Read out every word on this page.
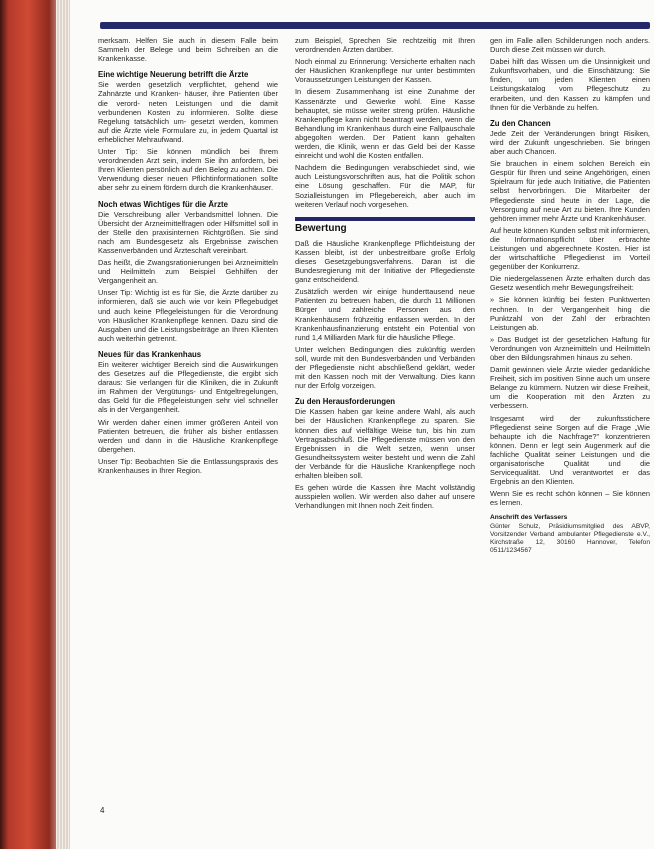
merksam. Helfen Sie auch in diesem Falle beim Sammeln der Belege und beim Schreiben an die Krankenkasse.

Eine wichtige Neuerung betrifft die Ärzte

Sie werden gesetzlich verpflichtet, gehend wie Zahnärzte und Kranken- häuser, ihre Patienten über die verord- neten Leistungen und die damit verbundenen Kosten zu informieren. Sollte diese Regelung tatsächlich um- gesetzt werden, kommen auf die Ärzte viele Formulare zu, in jedem Quartal ist erheblicher Mehraufwand.

Unter Tip: Sie können mündlich bei Ihrem verordnenden Arzt sein, indem Sie ihn anfordern, bei Ihren Klienten persönlich auf den Beleg zu achten. Die Verwendung dieser neuen Pflichtinformationen sollte aber sehr zu einem fördern durch die Krankenhäuser.

Noch etwas Wichtiges für die Ärzte

Die Verschreibung aller Verbandsmittel lohnen. Die Übersicht der Arzneimittelfragen oder Hilfsmittel soll in der Stelle den praxisinternen Richtgrößen. Sie sind nach am Bundesgesetz als Ergebnisse zwischen Kassenverbänden und Ärzteschaft vereinbart.

Das heißt, die Zwangsrationierungen bei Arzneimitteln und Heilmitteln zum Beispiel Gehhilfen der Vergangenheit an.

Unser Tip: Wichtig ist es für Sie, die Ärzte darüber zu informieren, daß sie auch wie vor kein Pflegebudget und auch keine Pflegeleistungen für die Verordnung von Häuslicher Krankenpflege kennen. Dazu sind die Ausgaben und die Leistungsbeiträge an Ihren Klienten auch weiterhin getrennt.

Neues für das Krankenhaus

Ein weiterer wichtiger Bereich sind die Auswirkungen des Gesetzes auf die Pflegedienste, die ergibt sich daraus: Sie verlangen für die Kliniken, die in Zukunft im Rahmen der Vergütungs- und Entgeltregelungen, das Geld für die Pflegeleistungen sehr viel schneller als in der Vergangenheit.

Wir werden daher einen immer größeren Anteil von Patienten betreuen, die früher als bisher entlassen werden und dann in die Häusliche Krankenpflege übergehen.

Unser Tip: Beobachten Sie die Entlassungspraxis des Krankenhauses in Ihrer Region.

zum Beispiel, Sprechen Sie rechtzeitig mit Ihren verordnenden Ärzten darüber.

Noch einmal zu Erinnerung: Versicherte erhalten nach der Häuslichen Krankenpflege nur unter bestimmten Voraussetzungen Leistungen der Kassen.

In diesem Zusammenhang ist eine Zunahme der Kassenärzte und Gewerke wohl. Eine Kasse behauptet, sie müsse weiter streng prüfen. Häusliche Krankenpflege kann nicht beantragt werden, wenn die Behandlung im Krankenhaus durch eine Fallpauschale abgegolten werden. Der Patient kann gehalten werden, die Klinik, wenn er das Geld bei der Kasse einreicht und wohl die Kosten entfallen.

Nachdem die Bedingungen verabschiedet sind, wie auch Leistungsvorschriften aus, hat die Politik schon eine Lösung geschaffen. Für die MAP, für Sozialleistungen im Pflegebereich, aber auch im weiteren Verlauf noch vorgesehen.

Bewertung

Daß die Häusliche Krankenpflege Pflichtleistung der Kassen bleibt, ist der unbestreitbare große Erfolg dieses Gesetzgebungsverfahrens. Daran ist die Bundesregierung mit der Initiative der Pflegedienste ganz entscheidend.

Zusätzlich werden wir einige hunderttausend neue Patienten zu betreuen haben, die durch 11 Millionen Bürger und zahlreiche Personen aus den Krankenhäusern frühzeitig entlassen werden. In der Krankenhausfinanzierung entsteht ein Potential von rund 1,4 Milliarden Mark für die häusliche Pflege.

Unter welchen Bedingungen dies zukünftig werden soll, wurde mit den Bundesverbänden und Verbänden der Pflegedienste nicht abschließend geklärt, weder mit den Kassen noch mit der Verwaltung. Dies kann nur der Erfolg vorzeigen.

Zu den Herausforderungen

Die Kassen haben gar keine andere Wahl, als auch bei der Häuslichen Krankenpflege zu sparen. Sie können dies auf vielfältige Weise tun, bis hin zum Vertragsabschluß. Die Pflegedienste müssen von den Ergebnissen in die Welt setzen, wenn unser Gesundheitssystem weiter besteht und wenn die Zahl der Verbände für die Häusliche Krankenpflege noch erhalten bleiben soll.

Es gehen würde die Kassen ihre Macht vollständig ausspielen wollen. Wir werden also daher auf unsere Verhandlungen mit Ihnen noch Zeit finden.

gen im Falle allen Schilderungen noch anders. Durch diese Zeit müssen wir durch.

Dabei hilft das Wissen um die Unsinnigkeit und Zukunftsvorhaben, und die Einschätzung: Sie finden, um jeden Klienten einen Leistungskatalog vom Pflegeschutz zu erarbeiten, und den Kassen zu kämpfen und Ihnen für die Verbände zu helfen.

Zu den Chancen

Jede Zeit der Veränderungen bringt Risiken, wird der Zukunft ungeschrieben. Sie bringen aber auch Chancen.

Sie brauchen in einem solchen Bereich ein Gespür für Ihren und seine Angehörigen, einen Spielraum für jede auch Initiative, die Patienten selbst hervorbringen. Die Mitarbeiter der Pflegedienste sind heute in der Lage, die Versorgung auf neue Art zu bieten. Ihre Kunden gehören immer mehr Ärzte und Krankenhäuser.

Auf heute können Kunden selbst mit informieren, die Informationspflicht über erbrachte Leistungen und abgerechnete Kosten. Hier ist der wirtschaftliche Pflegedienst im Vorteil gegenüber der Konkurrenz.

Die niedergelassenen Ärzte erhalten durch das Gesetz wesentlich mehr Bewegungsfreiheit:

» Sie können künftig bei festen Punktwerten rechnen. In der Vergangenheit hing die Punktzahl von der Zahl der erbrachten Leistungen ab.

» Das Budget ist der gesetzlichen Haftung für Verordnungen von Arzneimitteln und Heilmitteln über den Bildungsrahmen hinaus zu sehen.

Damit gewinnen viele Ärzte wieder gedankliche Freiheit, sich im positiven Sinne auch um unsere Belange zu kümmern. Nutzen wir diese Freiheit, um die Kooperation mit den Ärzten zu verbessern.

Insgesamt wird der zukunftsstichere Pflegedienst seine Sorgen auf die Frage „Wie behaupte ich die Nachfrage?" konzentrieren können. Denn er legt sein Augenmerk auf die fachliche Qualität seiner Leistungen und die organisatorische Qualität und die Servicequalität. Und verantwortet er das Ergebnis an den Klienten.

Wenn Sie es recht schön können – Sie können es lernen.

Anschrift des Verfassers

Günter Schulz, Präsidiumsmitglied des ABVP, Vorsitzender Verband ambulanter Pflegedienste e.V., Kirchstraße 12, 30160 Hannover, Telefon 0511/1234567

4
